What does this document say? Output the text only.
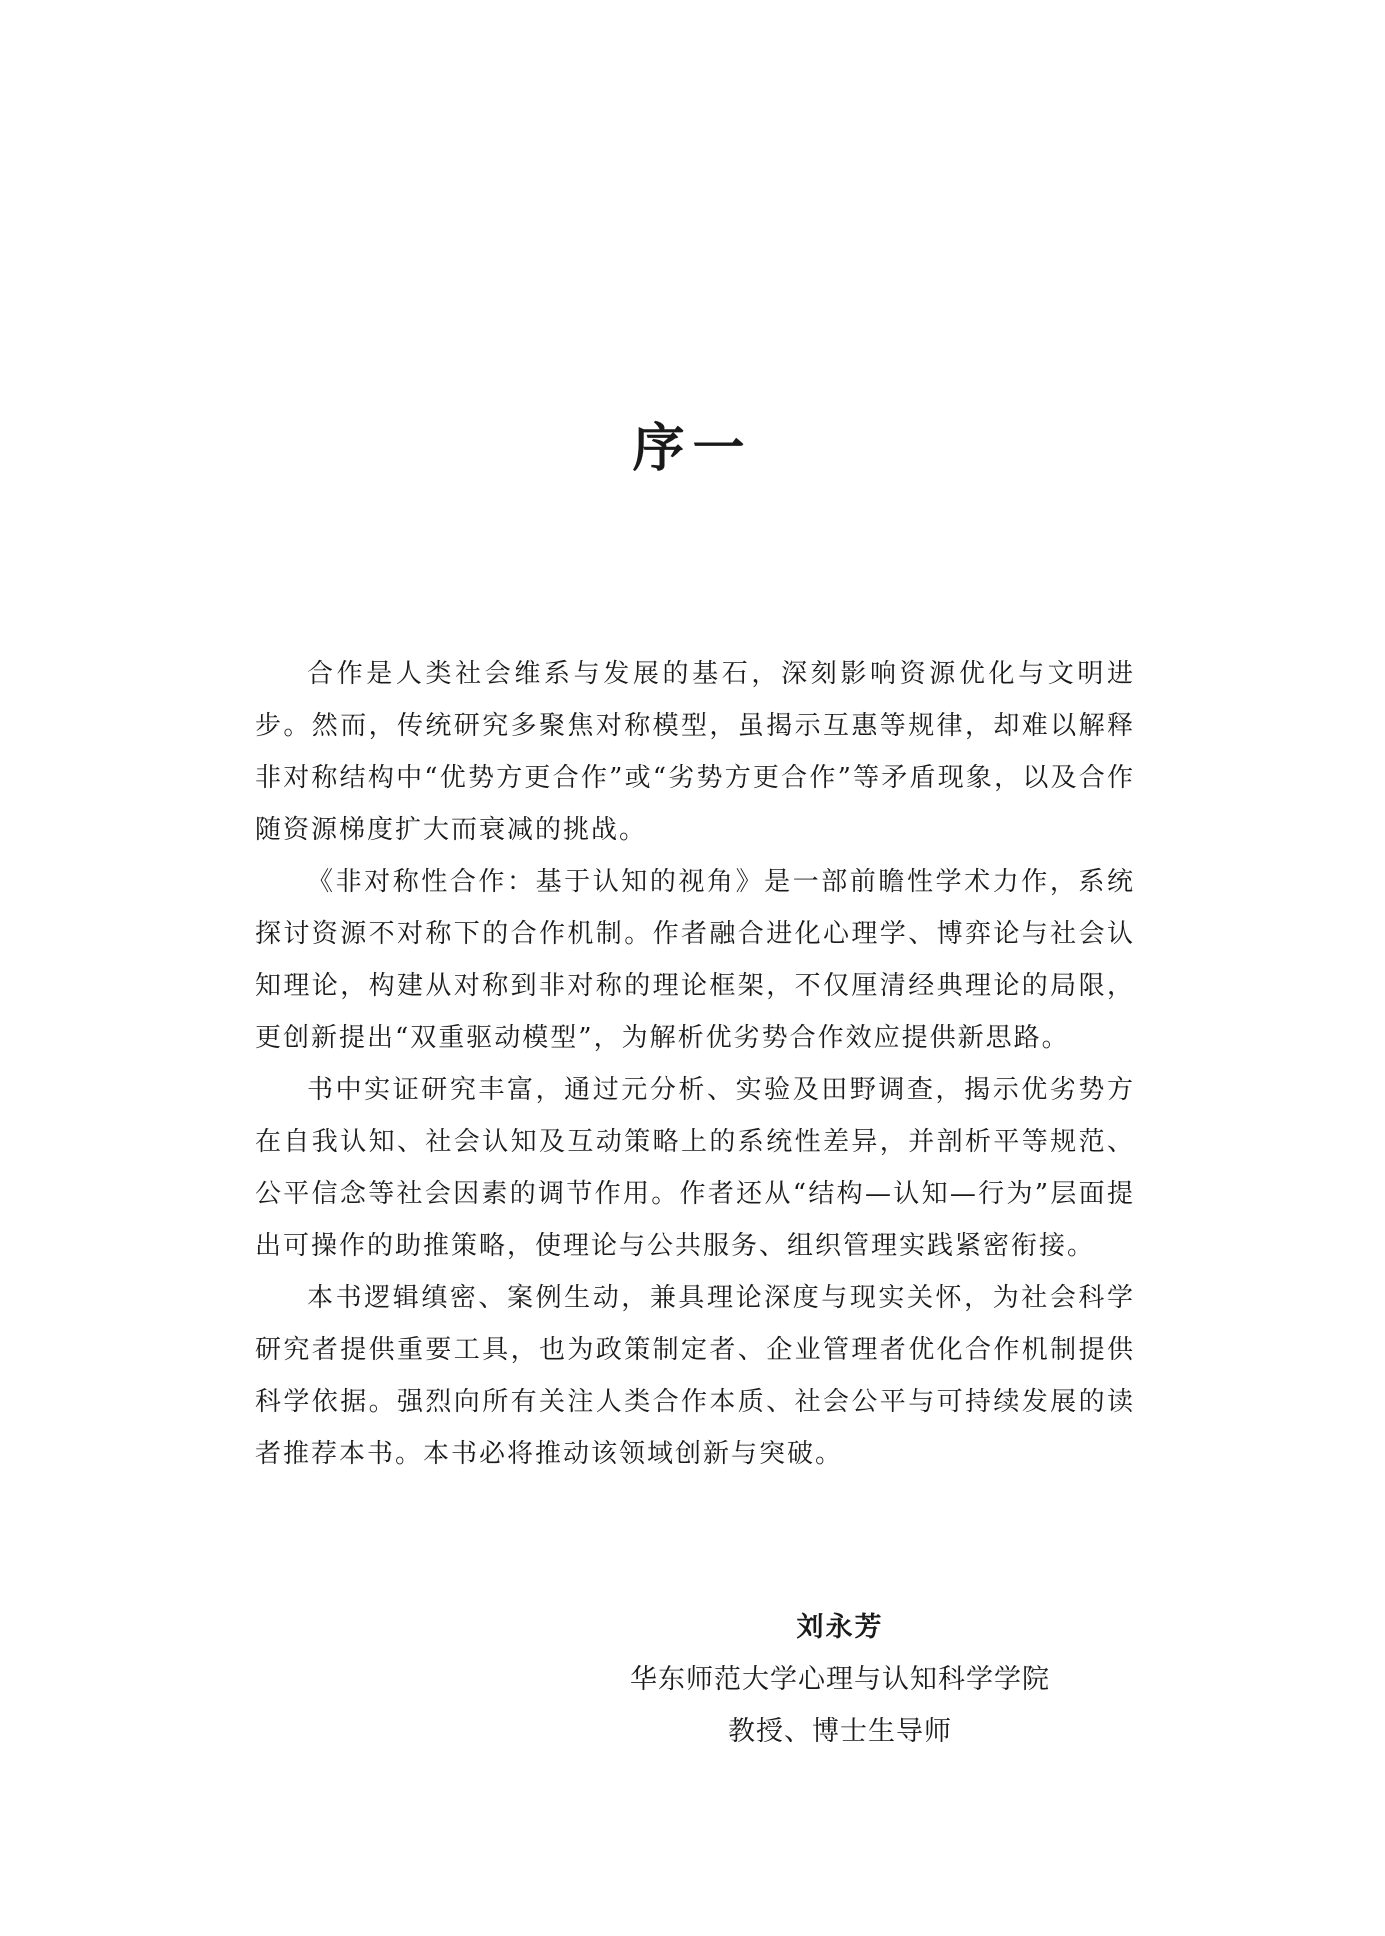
序一

合作是人类社会维系与发展的基石，深刻影响资源优化与文明进步。然而，传统研究多聚焦对称模型，虽揭示互惠等规律，却难以解释非对称结构中“优势方更合作”或“劣势方更合作”等矛盾现象，以及合作随资源梯度扩大而衰减的挑战。

《非对称性合作：基于认知的视角》是一部前瞻性学术力作，系统探讨资源不对称下的合作机制。作者融合进化心理学、博弈论与社会认知理论，构建从对称到非对称的理论框架，不仅厘清经典理论的局限，更创新提出“双重驱动模型”，为解析优劣势合作效应提供新思路。

书中实证研究丰富，通过元分析、实验及田野调查，揭示优劣势方在自我认知、社会认知及互动策略上的系统性差异，并剖析平等规范、公平信念等社会因素的调节作用。作者还从“结构—认知—行为”层面提出可操作的助推策略，使理论与公共服务、组织管理实践紧密衔接。

本书逻辑缜密、案例生动，兼具理论深度与现实关怀，为社会科学研究者提供重要工具，也为政策制定者、企业管理者优化合作机制提供科学依据。强烈向所有关注人类合作本质、社会公平与可持续发展的读者推荐本书。本书必将推动该领域创新与突破。

刘永芳
华东师范大学心理与认知科学学院
教授、博士生导师
